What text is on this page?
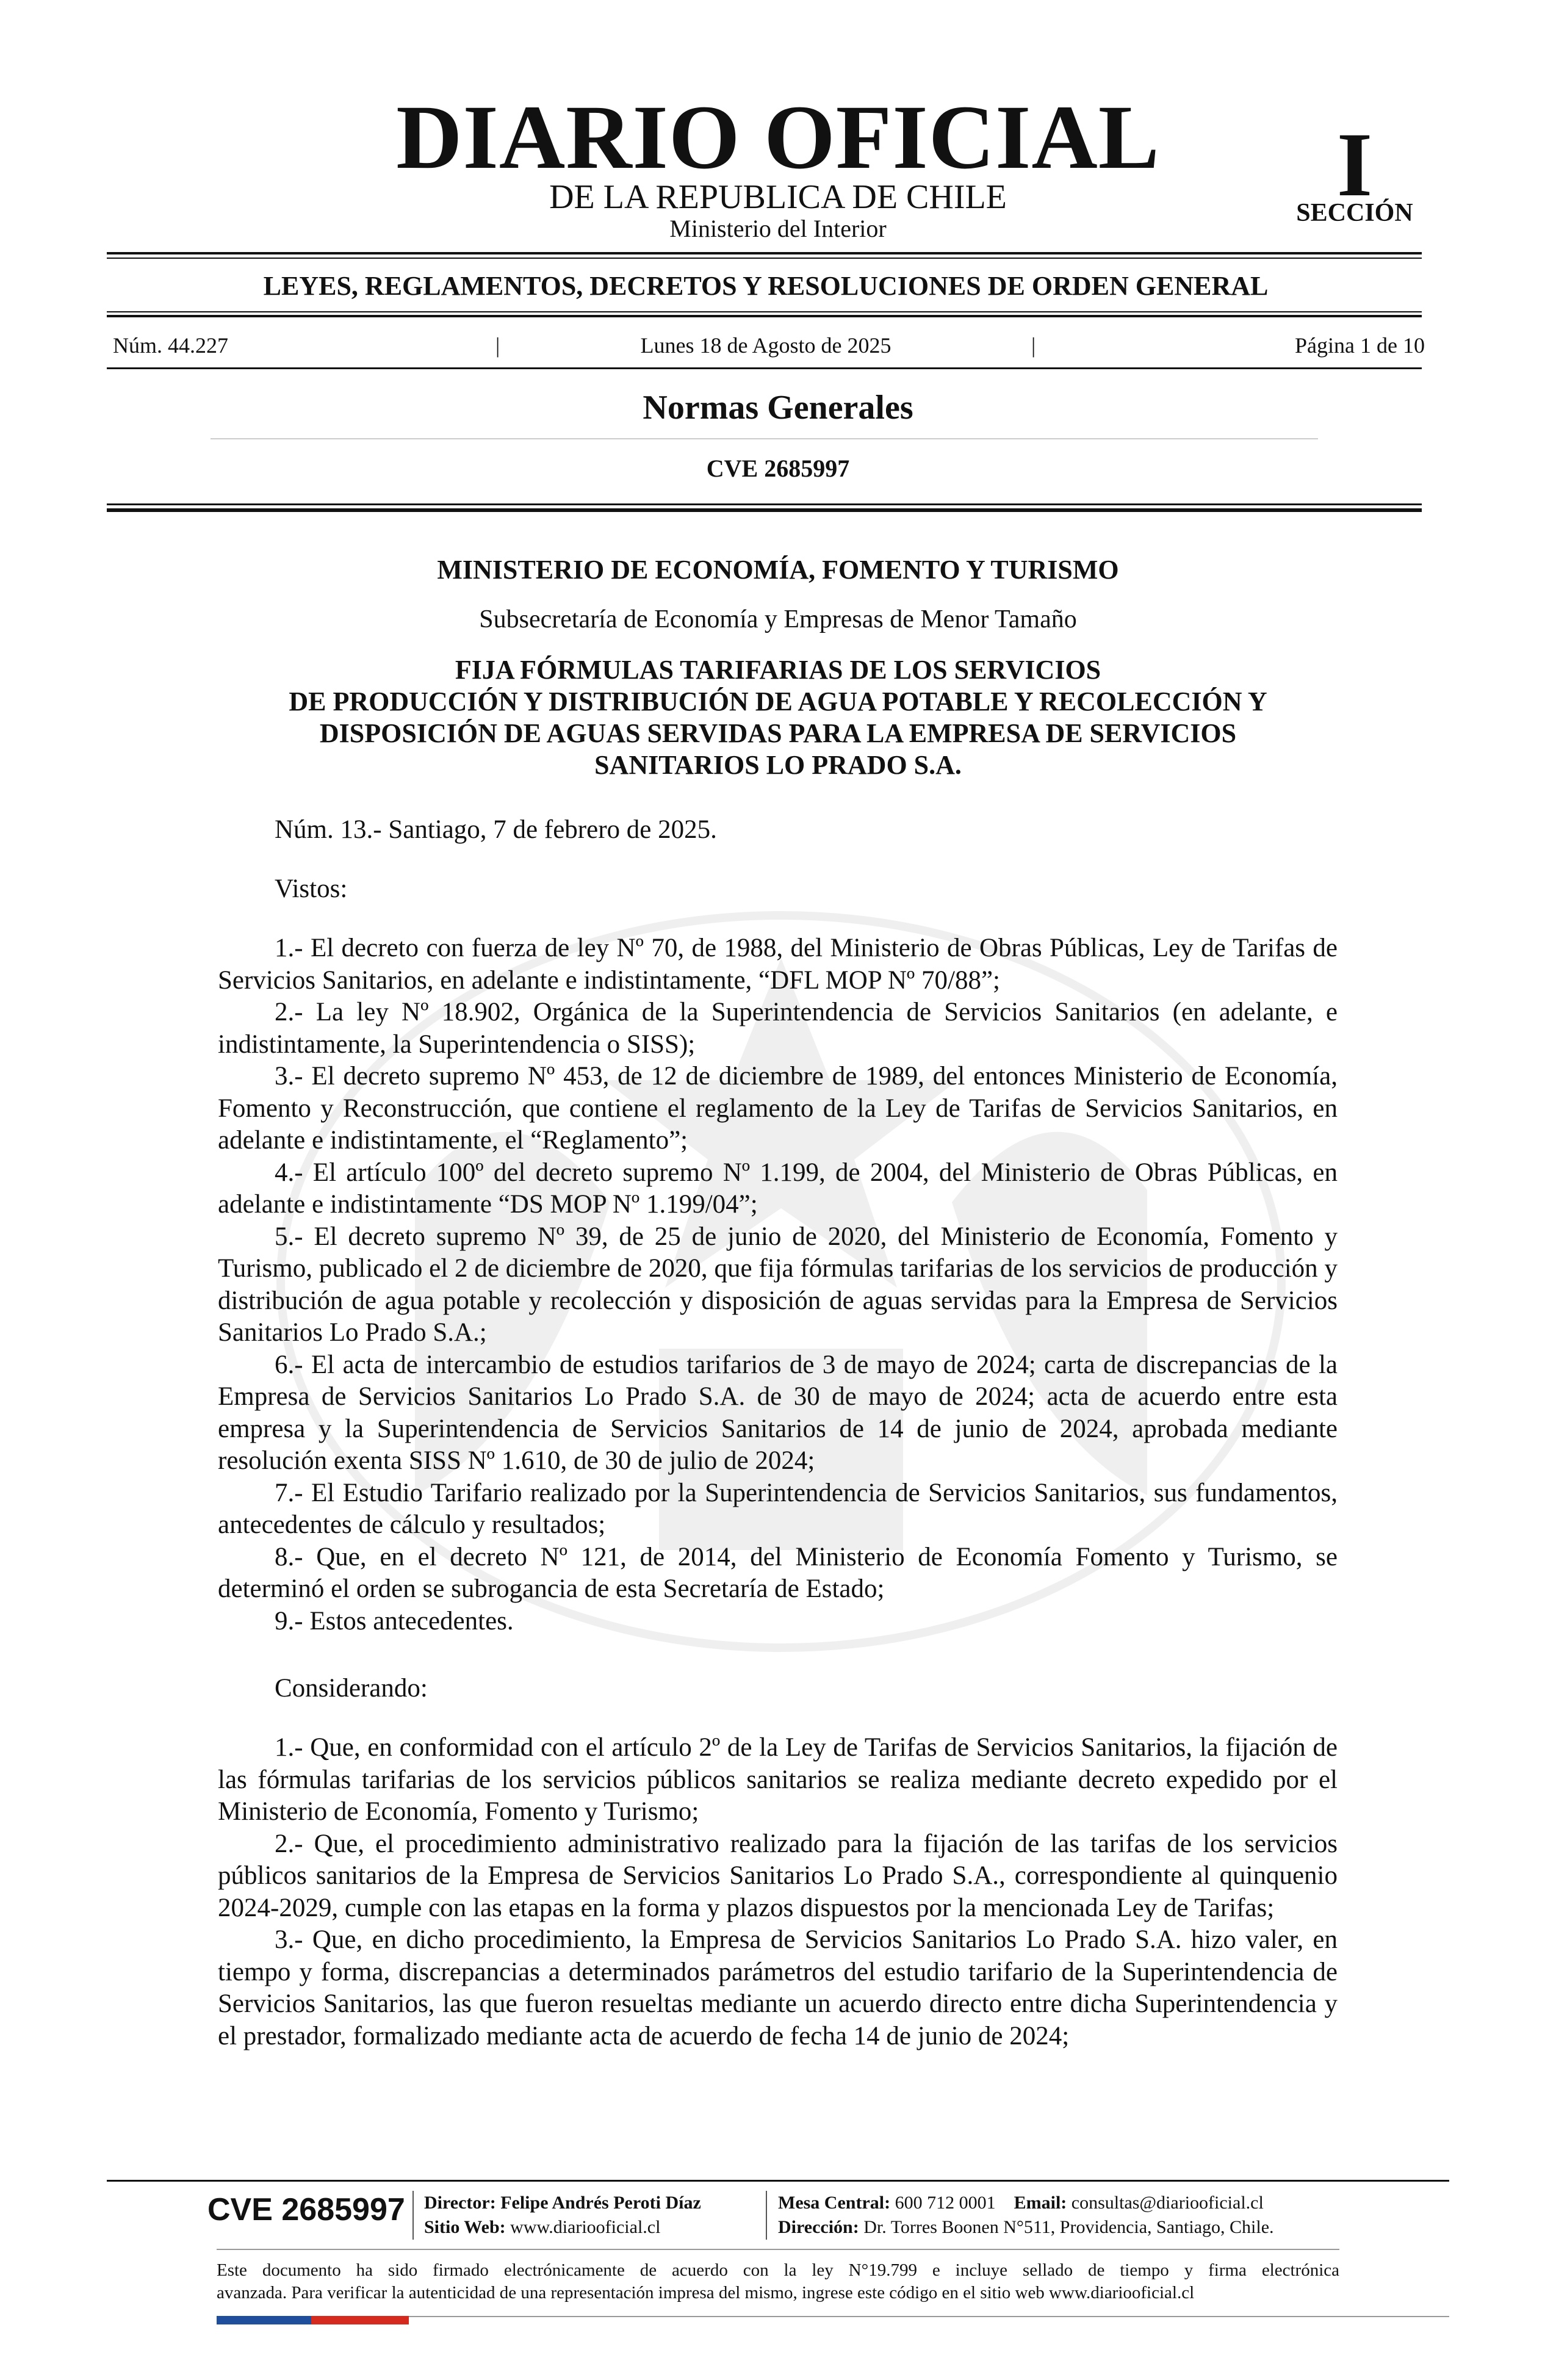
DIARIO OFICIAL
DE LA REPUBLICA DE CHILE
Ministerio del Interior
I
SECCIÓN
LEYES, REGLAMENTOS, DECRETOS Y RESOLUCIONES DE ORDEN GENERAL
Núm. 44.227	|	Lunes 18 de Agosto de 2025	|	Página 1 de 10
Normas Generales
CVE 2685997
MINISTERIO DE ECONOMÍA, FOMENTO Y TURISMO
Subsecretaría de Economía y Empresas de Menor Tamaño
FIJA FÓRMULAS TARIFARIAS DE LOS SERVICIOS
DE PRODUCCIÓN Y DISTRIBUCIÓN DE AGUA POTABLE Y RECOLECCIÓN Y
DISPOSICIÓN DE AGUAS SERVIDAS PARA LA EMPRESA DE SERVICIOS
SANITARIOS LO PRADO S.A.
Núm. 13.- Santiago, 7 de febrero de 2025.
Vistos:

1.- El decreto con fuerza de ley Nº 70, de 1988, del Ministerio de Obras Públicas, Ley de Tarifas de Servicios Sanitarios, en adelante e indistintamente, “DFL MOP Nº 70/88”;

2.- La ley Nº 18.902, Orgánica de la Superintendencia de Servicios Sanitarios (en adelante, e indistintamente, la Superintendencia o SISS);

3.- El decreto supremo Nº 453, de 12 de diciembre de 1989, del entonces Ministerio de Economía, Fomento y Reconstrucción, que contiene el reglamento de la Ley de Tarifas de Servicios Sanitarios, en adelante e indistintamente, el “Reglamento”;

4.- El artículo 100º del decreto supremo Nº 1.199, de 2004, del Ministerio de Obras Públicas, en adelante e indistintamente “DS MOP Nº 1.199/04”;

5.- El decreto supremo Nº 39, de 25 de junio de 2020, del Ministerio de Economía, Fomento y Turismo, publicado el 2 de diciembre de 2020, que fija fórmulas tarifarias de los servicios de producción y distribución de agua potable y recolección y disposición de aguas servidas para la Empresa de Servicios Sanitarios Lo Prado S.A.;

6.- El acta de intercambio de estudios tarifarios de 3 de mayo de 2024; carta de discrepancias de la Empresa de Servicios Sanitarios Lo Prado S.A. de 30 de mayo de 2024; acta de acuerdo entre esta empresa y la Superintendencia de Servicios Sanitarios de 14 de junio de 2024, aprobada mediante resolución exenta SISS Nº 1.610, de 30 de julio de 2024;

7.- El Estudio Tarifario realizado por la Superintendencia de Servicios Sanitarios, sus fundamentos, antecedentes de cálculo y resultados;

8.- Que, en el decreto Nº 121, de 2014, del Ministerio de Economía Fomento y Turismo, se determinó el orden se subrogancia de esta Secretaría de Estado;

9.- Estos antecedentes.

Considerando:

1.- Que, en conformidad con el artículo 2º de la Ley de Tarifas de Servicios Sanitarios, la fijación de las fórmulas tarifarias de los servicios públicos sanitarios se realiza mediante decreto expedido por el Ministerio de Economía, Fomento y Turismo;

2.- Que, el procedimiento administrativo realizado para la fijación de las tarifas de los servicios públicos sanitarios de la Empresa de Servicios Sanitarios Lo Prado S.A., correspondiente al quinquenio 2024-2029, cumple con las etapas en la forma y plazos dispuestos por la mencionada Ley de Tarifas;

3.- Que, en dicho procedimiento, la Empresa de Servicios Sanitarios Lo Prado S.A. hizo valer, en tiempo y forma, discrepancias a determinados parámetros del estudio tarifario de la Superintendencia de Servicios Sanitarios, las que fueron resueltas mediante un acuerdo directo entre dicha Superintendencia y el prestador, formalizado mediante acta de acuerdo de fecha 14 de junio de 2024;

CVE 2685997 Director: Felipe Andrés Peroti Díaz
Sitio Web: www.diariooficial.cl
Mesa Central: 600 712 0001 Email: consultas@diariooficial.cl
Dirección: Dr. Torres Boonen N°511, Providencia, Santiago, Chile.
Este documento ha sido firmado electrónicamente de acuerdo con la ley N°19.799 e incluye sellado de tiempo y firma electrónica
avanzada. Para verificar la autenticidad de una representación impresa del mismo, ingrese este código en el sitio web www.diariooficial.cl
